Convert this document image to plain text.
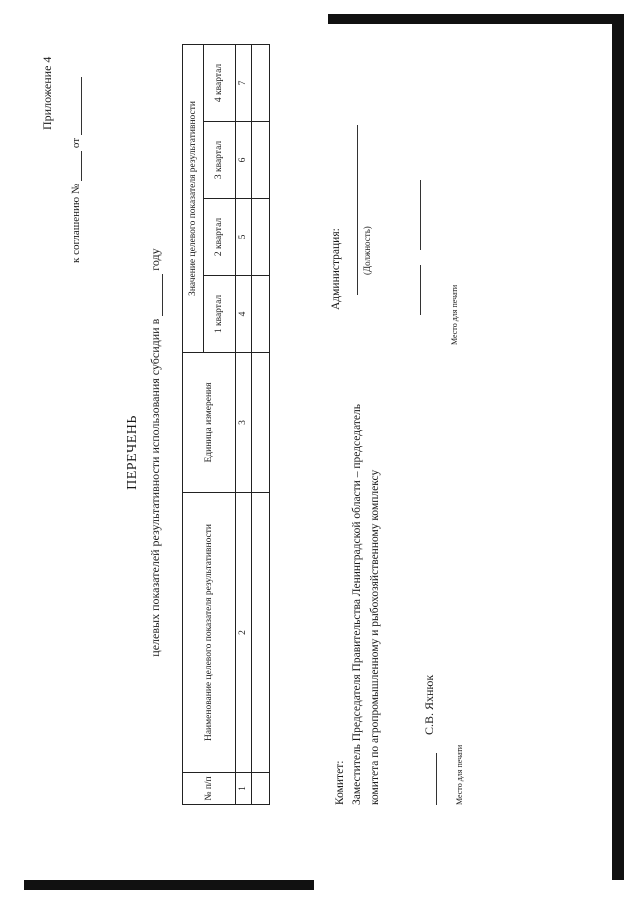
Приложение 4
к соглашению №  от
ПЕРЕЧЕНЬ целевых показателей результативности использования субсидии в  году
№ п/п	Наименование целевого показателя результативности	Единица измерения	Значение целевого показателя результативности			
			1 квартал	2 квартал	3 квартал	4 квартал
1	2	3	4	5	6	7

Комитет: Заместитель Председателя Правительства Ленинградской области – председатель комитета по агропромышленному и рыбохозяйственному комплексу	С.В. Яхнюк
Место для печати
Администрация: (Должность)
Место для печати
